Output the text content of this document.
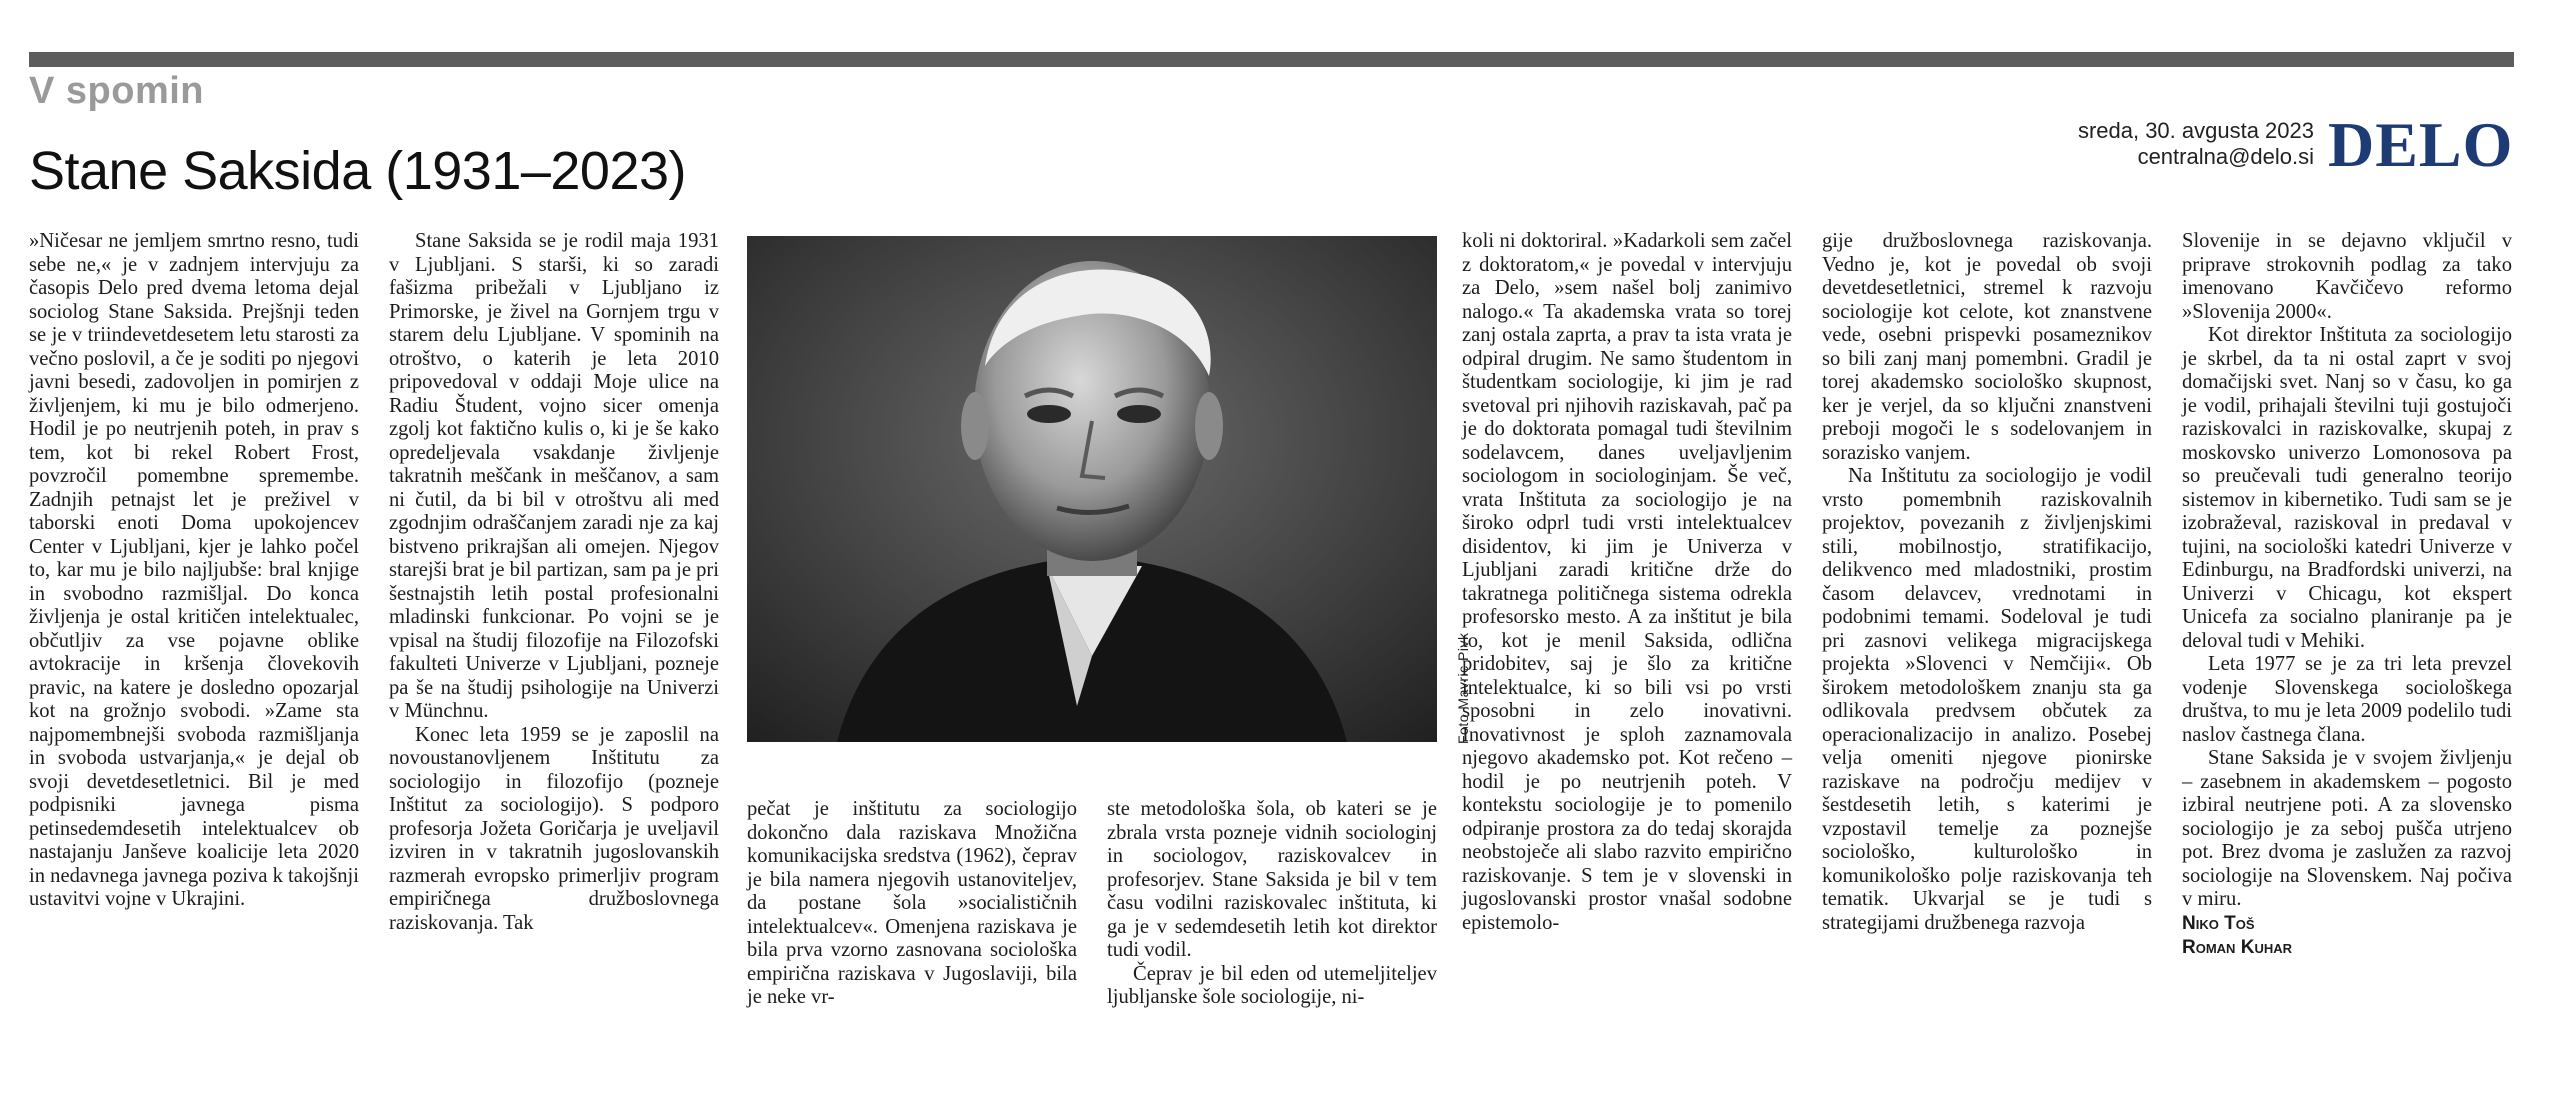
V spomin
Stane Saksida (1931–2023)
sreda, 30. avgusta 2023
centralna@delo.si DELO

»Ničesar ne jemljem smrtno resno, tudi sebe ne,« je v zadnjem intervjuju za časopis Delo pred dvema letoma dejal sociolog Stane Saksida. Prejšnji teden se je v triindevetdesetem letu starosti za večno poslovil, a če je soditi po njegovi javni besedi, zadovoljen in pomirjen z življenjem, ki mu je bilo odmerjeno. Hodil je po neutrjenih poteh, in prav s tem, kot bi rekel Robert Frost, povzročil pomembne spremembe. Zadnjih petnajst let je preživel v taborski enoti Doma upokojencev Center v Ljubljani, kjer je lahko počel to, kar mu je bilo najljubše: bral knjige in svobodno razmišljal. Do konca življenja je ostal kritičen intelektualec, občutljiv za vse pojavne oblike avtokracije in kršenja človekovih pravic, na katere je dosledno opozarjal kot na grožnjo svobodi. »Zame sta najpomembnejši svoboda razmišljanja in svoboda ustvarjanja,« je dejal ob svoji devetdesetletnici. Bil je med podpisniki javnega pisma petinsedemdesetih intelektualcev ob nastajanju Janševe koalicije leta 2020 in nedavnega javnega poziva k takojšnji ustavitvi vojne v Ukrajini.

Stane Saksida se je rodil maja 1931 v Ljubljani. S starši, ki so zaradi fašizma pribežali v Ljubljano iz Primorske, je živel na Gornjem trgu v starem delu Ljubljane. V spominih na otroštvo, o katerih je leta 2010 pripovedoval v oddaji Moje ulice na Radiu Študent, vojno sicer omenja zgolj kot faktično kulis o, ki je še kako opredeljevala vsakdanje življenje takratnih meščank in meščanov, a sam ni čutil, da bi bil v otroštvu ali med zgodnjim odraščanjem zaradi nje za kaj bistveno prikrajšan ali omejen. Njegov starejši brat je bil partizan, sam pa je pri šestnajstih letih postal profesionalni mladinski funkcionar. Po vojni se je vpisal na študij filozofije na Filozofski fakulteti Univerze v Ljubljani, pozneje pa še na študij psihologije na Univerzi v Münchnu.

Konec leta 1959 se je zaposlil na novoustanovljenem Inštitutu za sociologijo in filozofijo (pozneje Inštitut za sociologijo). S podporo profesorja Jožeta Goričarja je uveljavil izviren in v takratnih jugoslovanskih razmerah evropsko primerljiv program empiričnega družboslovnega raziskovanja. Tak

Foto Mavric Pivk

pečat je inštitutu za sociologijo dokončno dala raziskava Množična komunikacijska sredstva (1962), čeprav je bila namera njegovih ustanoviteljev, da postane šola »socialističnih intelektualcev«. Omenjena raziskava je bila prva vzorno zasnovana sociološka empirična raziskava v Jugoslaviji, bila je neke vr-

ste metodološka šola, ob kateri se je zbrala vrsta pozneje vidnih sociologinj in sociologov, raziskovalcev in profesorjev. Stane Saksida je bil v tem času vodilni raziskovalec inštituta, ki ga je v sedemdesetih letih kot direktor tudi vodil.

Čeprav je bil eden od utemeljiteljev ljubljanske šole sociologije, ni-

koli ni doktoriral. »Kadarkoli sem začel z doktoratom,« je povedal v intervjuju za Delo, »sem našel bolj zanimivo nalogo.« Ta akademska vrata so torej zanj ostala zaprta, a prav ta ista vrata je odpiral drugim. Ne samo študentom in študentkam sociologije, ki jim je rad svetoval pri njihovih raziskavah, pač pa je do doktorata pomagal tudi številnim sodelavcem, danes uveljavljenim sociologom in sociologinjam. Še več, vrata Inštituta za sociologijo je na široko odprl tudi vrsti intelektualcev disidentov, ki jim je Univerza v Ljubljani zaradi kritične drže do takratnega političnega sistema odrekla profesorsko mesto. A za inštitut je bila to, kot je menil Saksida, odlična pridobitev, saj je šlo za kritične intelektualce, ki so bili vsi po vrsti sposobni in zelo inovativni. Inovativnost je sploh zaznamovala njegovo akademsko pot. Kot rečeno – hodil je po neutrjenih poteh. V kontekstu sociologije je to pomenilo odpiranje prostora za do tedaj skorajda neobstoječe ali slabo razvito empirično raziskovanje. S tem je v slovenski in jugoslovanski prostor vnašal sodobne epistemolo-

gije družboslovnega raziskovanja. Vedno je, kot je povedal ob svoji devetdesetletnici, stremel k razvoju sociologije kot celote, kot znanstvene vede, osebni prispevki posameznikov so bili zanj manj pomembni. Gradil je torej akademsko sociološko skupnost, ker je verjel, da so ključni znanstveni preboji mogoči le s sodelovanjem in sorazisko vanjem.

Na Inštitutu za sociologijo je vodil vrsto pomembnih raziskovalnih projektov, povezanih z življenjskimi stili, mobilnostjo, stratifikacijo, delikvenco med mladostniki, prostim časom delavcev, vrednotami in podobnimi temami. Sodeloval je tudi pri zasnovi velikega migracijskega projekta »Slovenci v Nemčiji«. Ob širokem metodološkem znanju sta ga odlikovala predvsem občutek za operacionalizacijo in analizo. Posebej velja omeniti njegove pionirske raziskave na področju medijev v šestdesetih letih, s katerimi je vzpostavil temelje za poznejše sociološko, kulturološko in komunikološko polje raziskovanja teh tematik. Ukvarjal se je tudi s strategijami družbenega razvoja

Slovenije in se dejavno vključil v priprave strokovnih podlag za tako imenovano Kavčičevo reformo »Slovenija 2000«.

Kot direktor Inštituta za sociologijo je skrbel, da ta ni ostal zaprt v svoj domačijski svet. Nanj so v času, ko ga je vodil, prihajali številni tuji gostujoči raziskovalci in raziskovalke, skupaj z moskovsko univerzo Lomonosova pa so preučevali tudi generalno teorijo sistemov in kibernetiko. Tudi sam se je izobraževal, raziskoval in predaval v tujini, na sociološki katedri Univerze v Edinburgu, na Bradfordski univerzi, na Univerzi v Chicagu, kot ekspert Unicefa za socialno planiranje pa je deloval tudi v Mehiki.

Leta 1977 se je za tri leta prevzel vodenje Slovenskega sociološkega društva, to mu je leta 2009 podelilo tudi naslov častnega člana.

Stane Saksida je v svojem življenju – zasebnem in akademskem – pogosto izbiral neutrjene poti. A za slovensko sociologijo je za seboj pušča utrjeno pot. Brez dvoma je zaslužen za razvoj sociologije na Slovenskem. Naj počiva v miru.

Niko Toš
Roman Kuhar
